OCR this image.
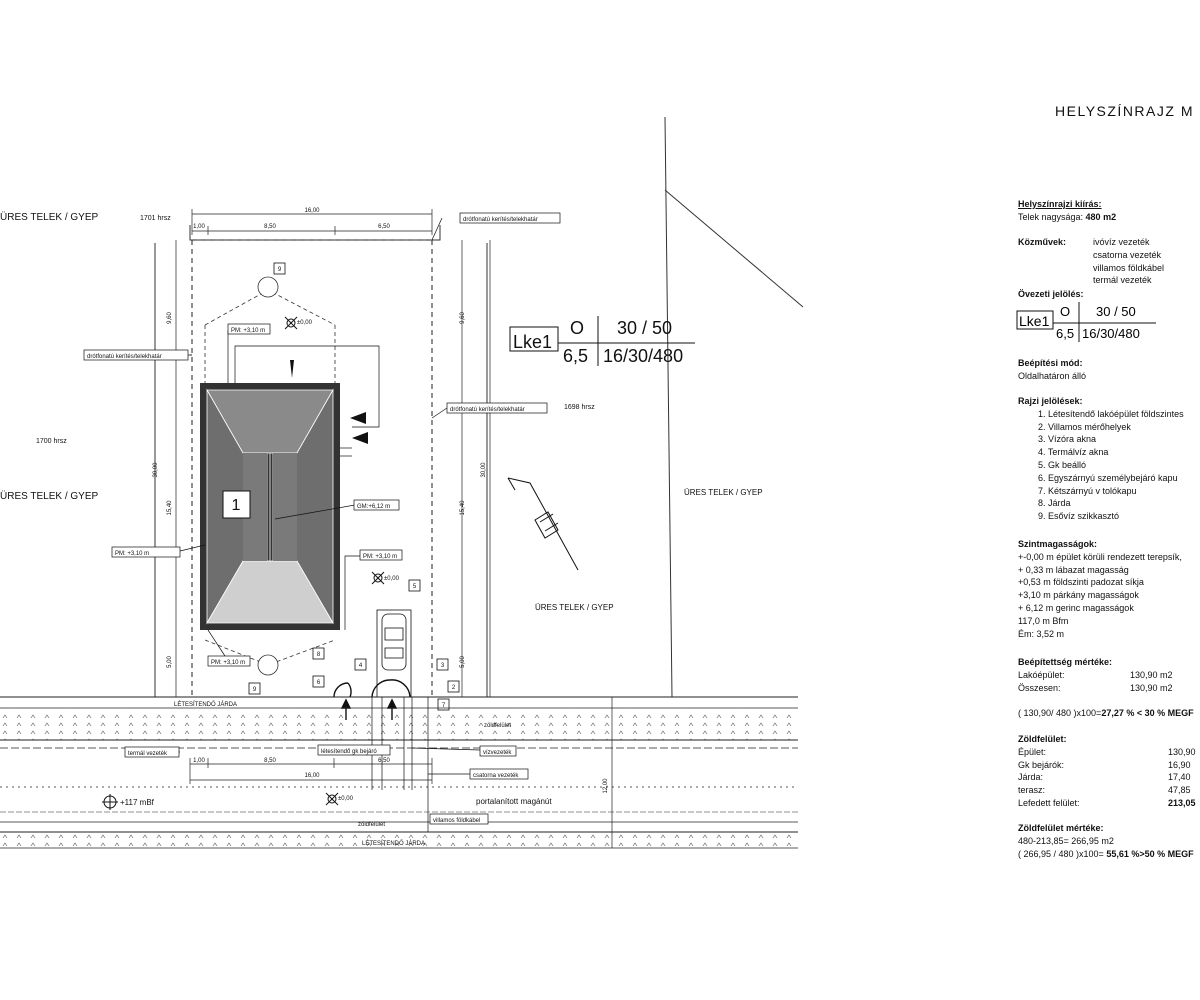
16,00
1,00	8,50	6,50
9,60
30,00
15,40
5,00
9,60
30,00
15,40
5,00
ÜRES TELEK / GYEP	1701 hrsz
1700 hrsz
ÜRES TELEK / GYEP
1698 hrsz
ÜRES TELEK / GYEP
ÜRES TELEK / GYEP
Lke1
O 30 / 50
6,5 16/30/480
1
PM: +3,10 m
drótfonatú kerítés/telekhatár
PM: +3,10 m
GM:+6,12 m
PM: +3,10 m
PM: +3,10 m
drótfonatú kerítés/telekhatár
drótfonatú kerítés/telekhatár
±0,00
±0,00
9
9
5
8
4	3
6
2
7
LÉTESÍTENDŐ JÁRDA
LÉTESÍTENDŐ JÁRDA
zöldfelület
zöldfelület
1,00	8,50	6,50
16,00
12,00
termál vezeték	létesítendő gk bejáró	vízvezeték
csatorna vezeték
villamos földkábel
portalanított magánút
+117 mBf	±0,00
HELYSZÍNRAJZ M
Helyszínrajzi kiírás:
Telek nagysága: 480 m2
Közművek:	ivóvíz vezeték
csatorna vezeték
villamos földkábel
termál vezeték
Övezeti jelölés:
Lke1
O 30 / 50
6,5 16/30/480
Beépítési mód:
Oldalhatáron álló
Rajzi jelölések:
1. Létesítendő lakóépület földszintes
2. Villamos mérőhelyek
3. Vízóra akna
4. Termálvíz akna
5. Gk beálló
6. Egyszárnyú személybejáró kapu
7. Kétszárnyú v tolókapu
8. Járda
9. Esővíz szikkasztó
Szintmagasságok:
+-0,00 m épület körüli rendezett terepsík,
+ 0,33 m lábazat magasság
+0,53 m földszinti padozat síkja
+3,10 m párkány magasságok
+ 6,12 m gerinc magasságok
117,0 m Bfm
Ém: 3,52 m
Beépítettség mértéke:
Lakóépület:	130,90 m2
Összesen:	130,90 m2
( 130,90/ 480 )x100=27,27 % < 30 % MEGF
Zöldfelület:
Épület:	130,90
Gk bejárók:	16,90
Járda:	17,40
terasz:	47,85
Lefedett felület:	213,05
Zöldfelület mértéke:
480-213,85= 266,95 m2
( 266,95 / 480 )x100= 55,61 %>50 % MEGF
